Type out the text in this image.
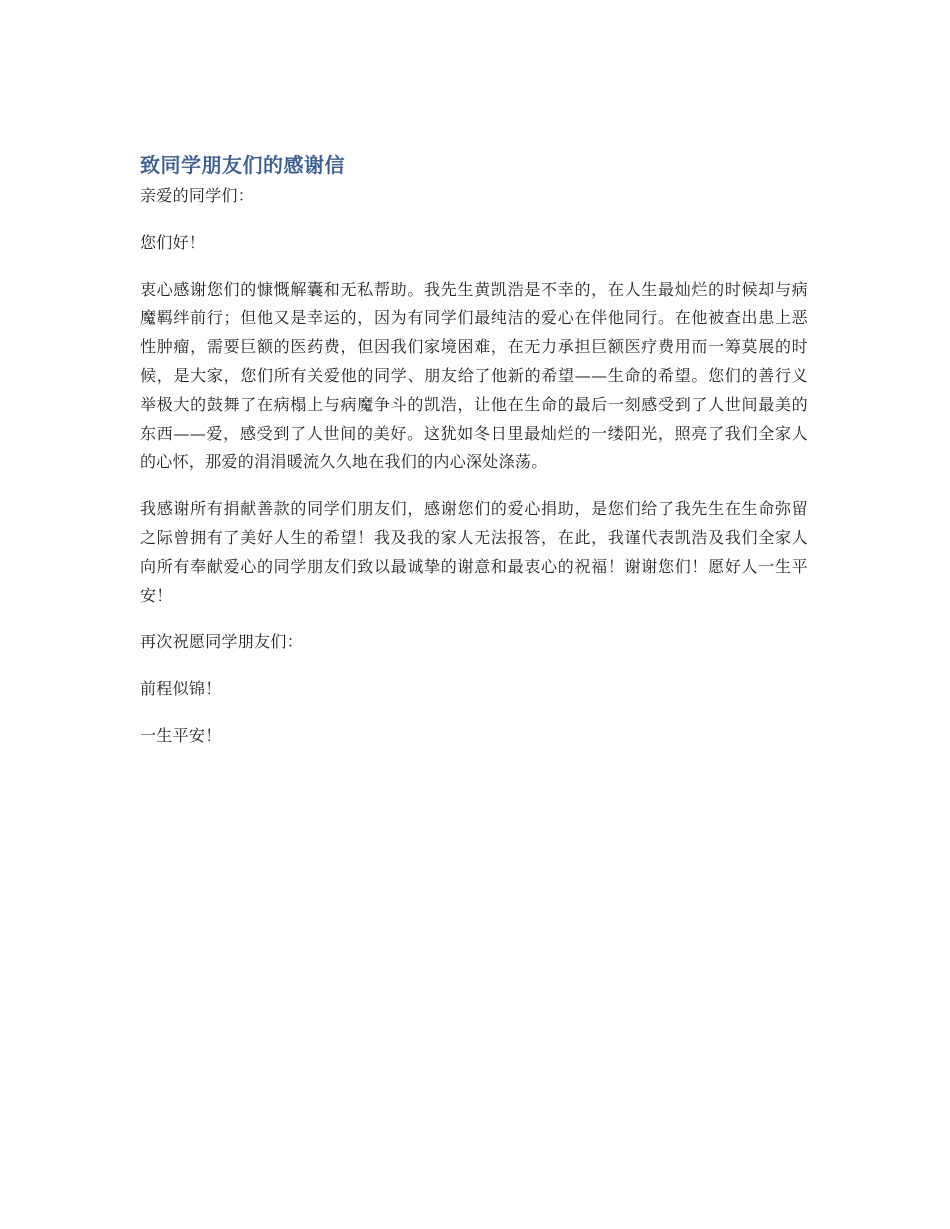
致同学朋友们的感谢信

亲爱的同学们：

您们好！

衷心感谢您们的慷慨解囊和无私帮助。我先生黄凯浩是不幸的，在人生最灿烂的时候却与病魔羁绊前行；但他又是幸运的，因为有同学们最纯洁的爱心在伴他同行。在他被查出患上恶性肿瘤，需要巨额的医药费，但因我们家境困难，在无力承担巨额医疗费用而一筹莫展的时候，是大家，您们所有关爱他的同学、朋友给了他新的希望——生命的希望。您们的善行义举极大的鼓舞了在病榻上与病魔争斗的凯浩，让他在生命的最后一刻感受到了人世间最美的东西——爱，感受到了人世间的美好。这犹如冬日里最灿烂的一缕阳光，照亮了我们全家人的心怀，那爱的涓涓暖流久久地在我们的内心深处涤荡。

我感谢所有捐献善款的同学们朋友们，感谢您们的爱心捐助，是您们给了我先生在生命弥留之际曾拥有了美好人生的希望！我及我的家人无法报答，在此，我谨代表凯浩及我们全家人向所有奉献爱心的同学朋友们致以最诚挚的谢意和最衷心的祝福！谢谢您们！愿好人一生平安！

再次祝愿同学朋友们：

前程似锦！

一生平安！
